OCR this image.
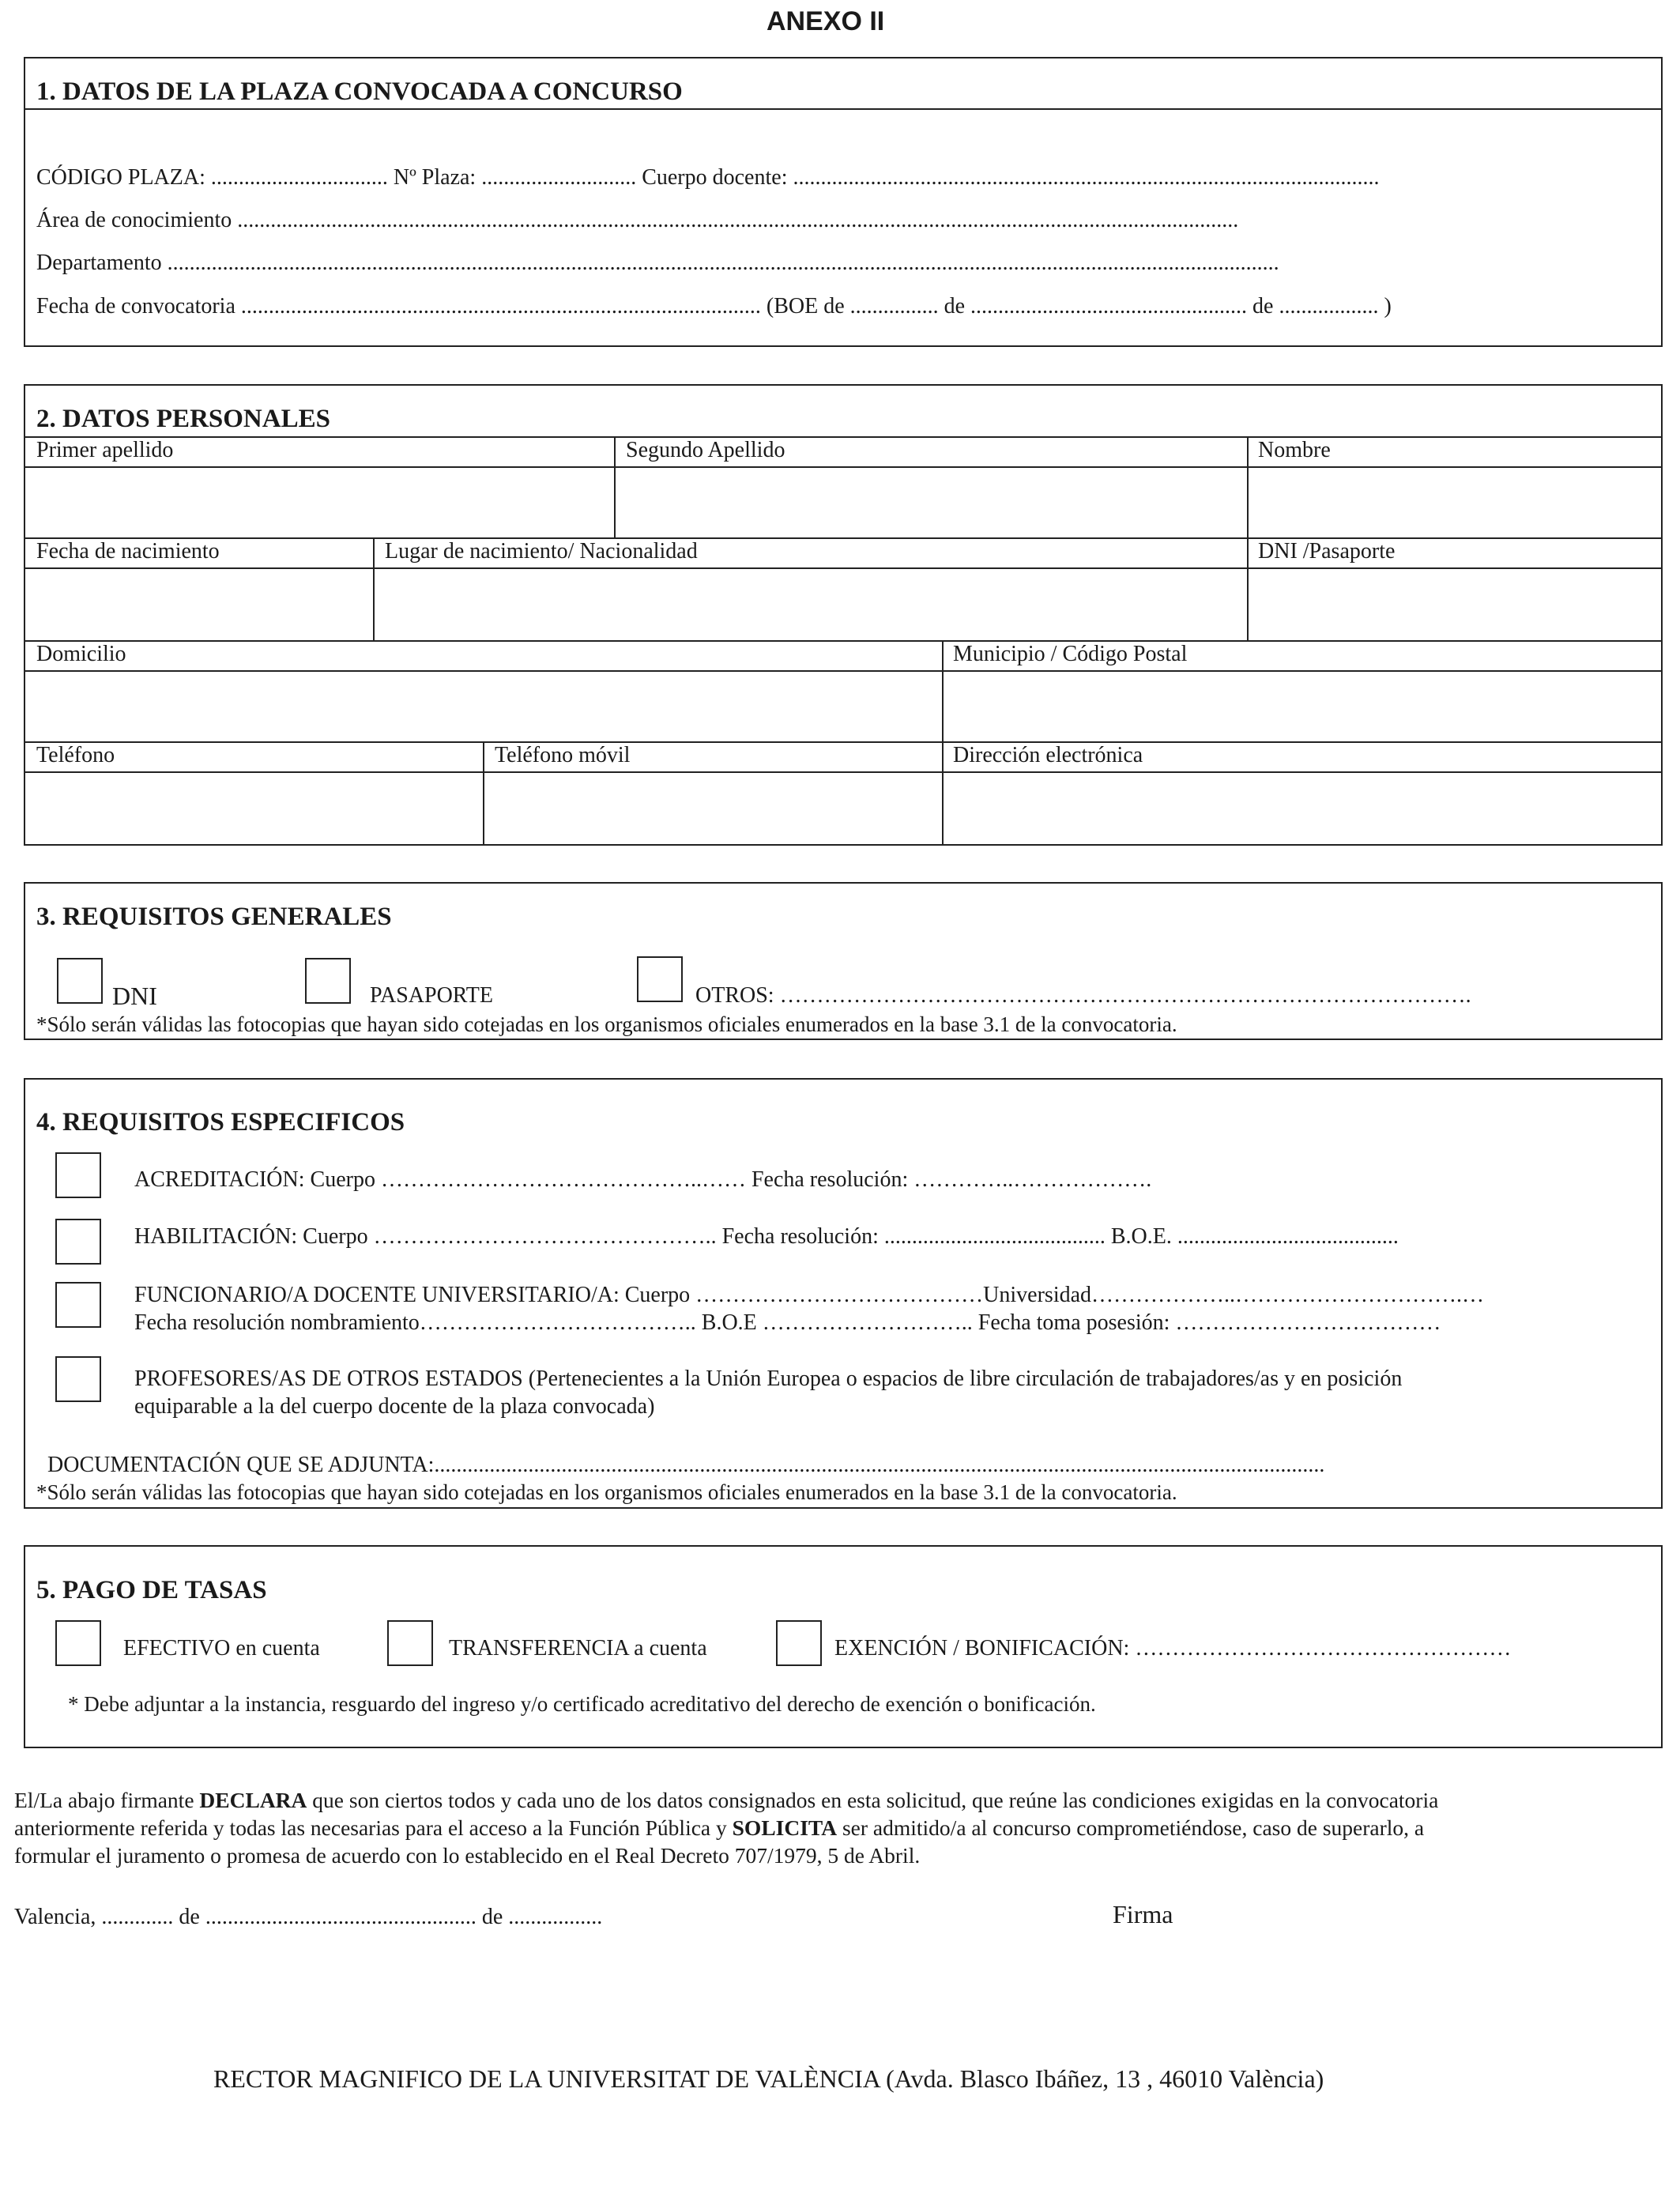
ANEXO II
1. DATOS DE LA PLAZA CONVOCADA A CONCURSO
CÓDIGO PLAZA: ................................ Nº Plaza: ............................ Cuerpo docente: ..........................................................................................................
Área de conocimiento .....................................................................................................................................................................................
Departamento .........................................................................................................................................................................................................
Fecha de convocatoria .............................................................................................. (BOE de ................ de .................................................. de .................. )
2. DATOS PERSONALES
Primer apellido	Segundo Apellido	Nombre
Fecha de nacimiento	Lugar de nacimiento/ Nacionalidad	DNI /Pasaporte
Domicilio	Municipio / Código Postal
Teléfono	Teléfono móvil	Dirección electrónica
3. REQUISITOS GENERALES
DNI	PASAPORTE	OTROS: ………………………………………………………………………………….
*Sólo serán válidas las fotocopias que hayan sido cotejadas en los organismos oficiales enumerados en la base 3.1 de la convocatoria.
4. REQUISITOS ESPECIFICOS
ACREDITACIÓN: Cuerpo ……………………………………..…… Fecha resolución: …………..……………….
HABILITACIÓN: Cuerpo ……………………………………….. Fecha resolución: ........................................ B.O.E. ........................................
FUNCIONARIO/A DOCENTE UNIVERSITARIO/A: Cuerpo …………………………………Universidad………………..………………………….…
Fecha resolución nombramiento……………………………….. B.O.E ……………………….. Fecha toma posesión: ………………………………
PROFESORES/AS DE OTROS ESTADOS (Pertenecientes a la Unión Europea o espacios de libre circulación de trabajadores/as y en posición
equiparable a la del cuerpo docente de la plaza convocada)
DOCUMENTACIÓN QUE SE ADJUNTA:.................................................................................................................................................................
*Sólo serán válidas las fotocopias que hayan sido cotejadas en los organismos oficiales enumerados en la base 3.1 de la convocatoria.
5. PAGO DE TASAS
EFECTIVO en cuenta	TRANSFERENCIA a cuenta	EXENCIÓN / BONIFICACIÓN: ……………………………………………
* Debe adjuntar a la instancia, resguardo del ingreso y/o certificado acreditativo del derecho de exención o bonificación.
El/La abajo firmante DECLARA que son ciertos todos y cada uno de los datos consignados en esta solicitud, que reúne las condiciones exigidas en la convocatoria
anteriormente referida y todas las necesarias para el acceso a la Función Pública y SOLICITA ser admitido/a al concurso comprometiéndose, caso de superarlo, a
formular el juramento o promesa de acuerdo con lo establecido en el Real Decreto 707/1979, 5 de Abril.
Valencia, ............. de ................................................. de .................	Firma
RECTOR MAGNIFICO DE LA UNIVERSITAT DE VALÈNCIA (Avda. Blasco Ibáñez, 13 , 46010 València)
